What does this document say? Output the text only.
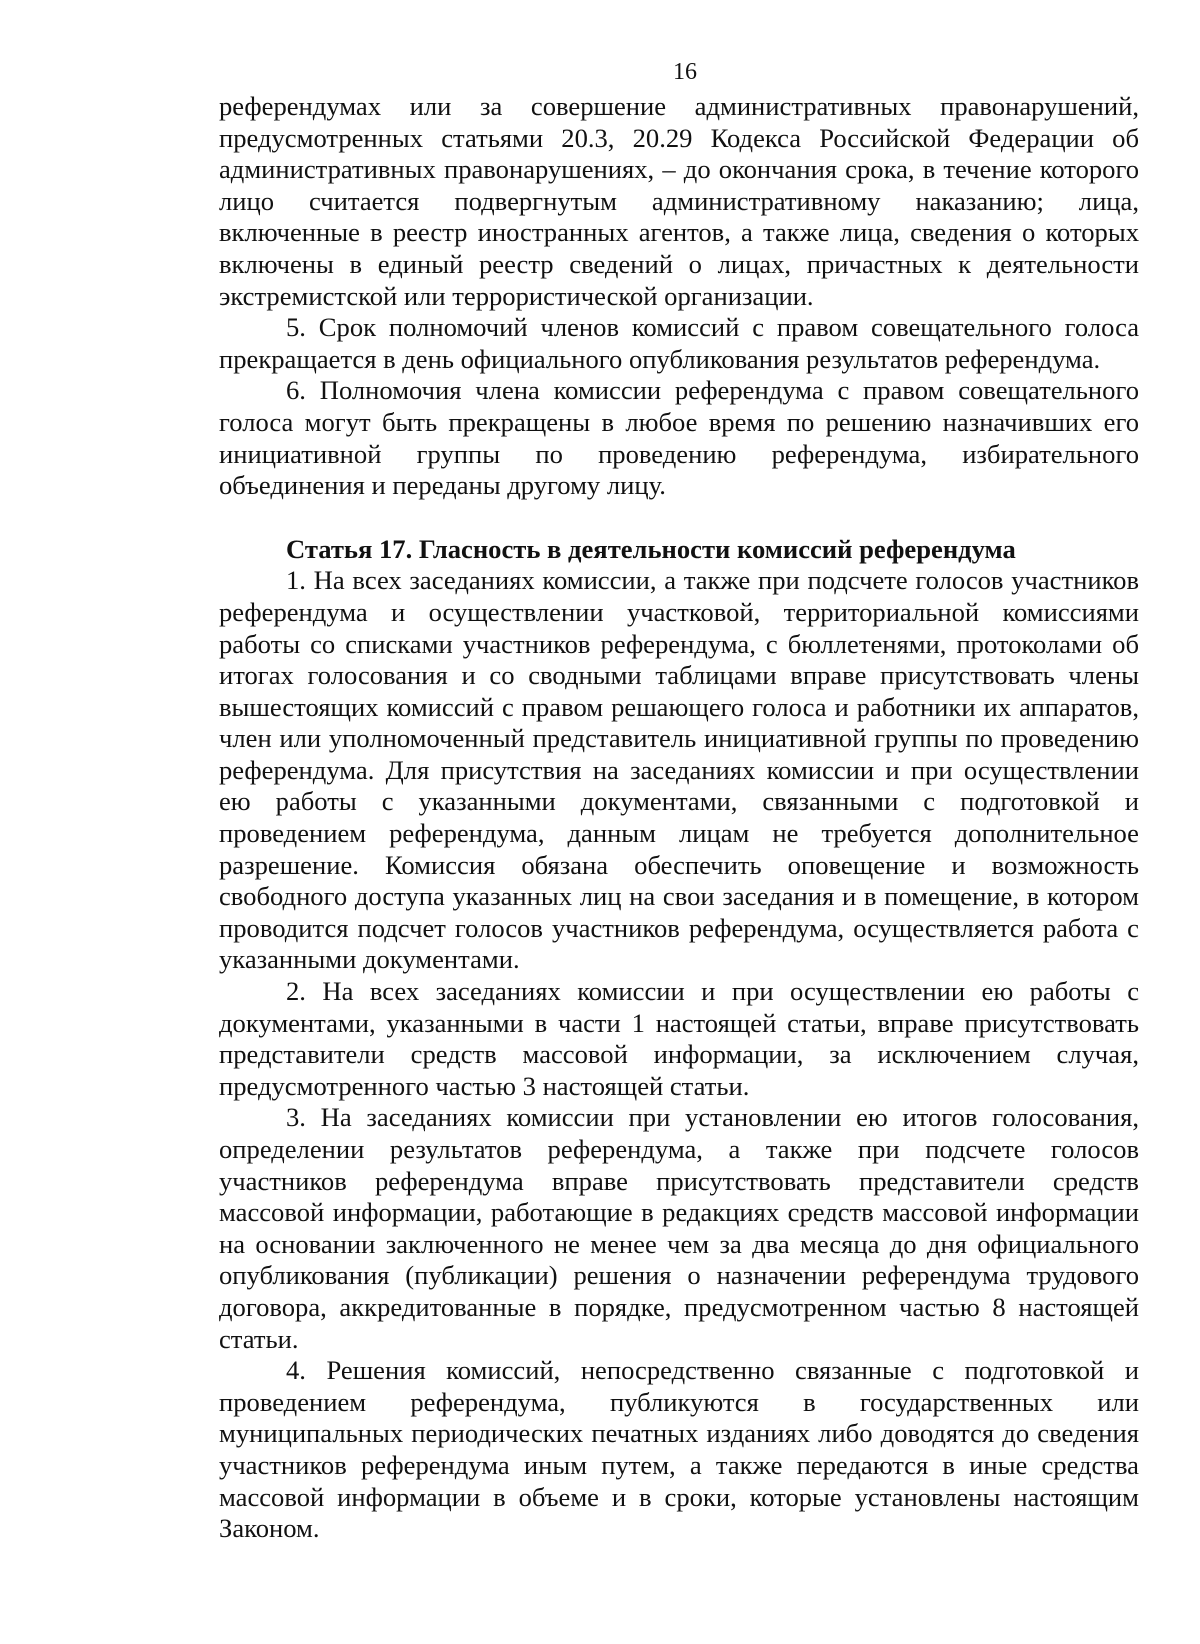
16

референдумах или за совершение административных правонарушений, предусмотренных статьями 20.3, 20.29 Кодекса Российской Федерации об административных правонарушениях, – до окончания срока, в течение которого лицо считается подвергнутым административному наказанию; лица, включенные в реестр иностранных агентов, а также лица, сведения о которых включены в единый реестр сведений о лицах, причастных к деятельности экстремистской или террористической организации.

5. Срок полномочий членов комиссий с правом совещательного голоса прекращается в день официального опубликования результатов референдума.

6. Полномочия члена комиссии референдума с правом совещательного голоса могут быть прекращены в любое время по решению назначивших его инициативной группы по проведению референдума, избирательного объединения и переданы другому лицу.

Статья 17. Гласность в деятельности комиссий референдума

1. На всех заседаниях комиссии, а также при подсчете голосов участников референдума и осуществлении участковой, территориальной комиссиями работы со списками участников референдума, с бюллетенями, протоколами об итогах голосования и со сводными таблицами вправе присутствовать члены вышестоящих комиссий с правом решающего голоса и работники их аппаратов, член или уполномоченный представитель инициативной группы по проведению референдума. Для присутствия на заседаниях комиссии и при осуществлении ею работы с указанными документами, связанными с подготовкой и проведением референдума, данным лицам не требуется дополнительное разрешение. Комиссия обязана обеспечить оповещение и возможность свободного доступа указанных лиц на свои заседания и в помещение, в котором проводится подсчет голосов участников референдума, осуществляется работа с указанными документами.

2. На всех заседаниях комиссии и при осуществлении ею работы с документами, указанными в части 1 настоящей статьи, вправе присутствовать представители средств массовой информации, за исключением случая, предусмотренного частью 3 настоящей статьи.

3. На заседаниях комиссии при установлении ею итогов голосования, определении результатов референдума, а также при подсчете голосов участников референдума вправе присутствовать представители средств массовой информации, работающие в редакциях средств массовой информации на основании заключенного не менее чем за два месяца до дня официального опубликования (публикации) решения о назначении референдума трудового договора, аккредитованные в порядке, предусмотренном частью 8 настоящей статьи.

4. Решения комиссий, непосредственно связанные с подготовкой и проведением референдума, публикуются в государственных или муниципальных периодических печатных изданиях либо доводятся до сведения участников референдума иным путем, а также передаются в иные средства массовой информации в объеме и в сроки, которые установлены настоящим Законом.
